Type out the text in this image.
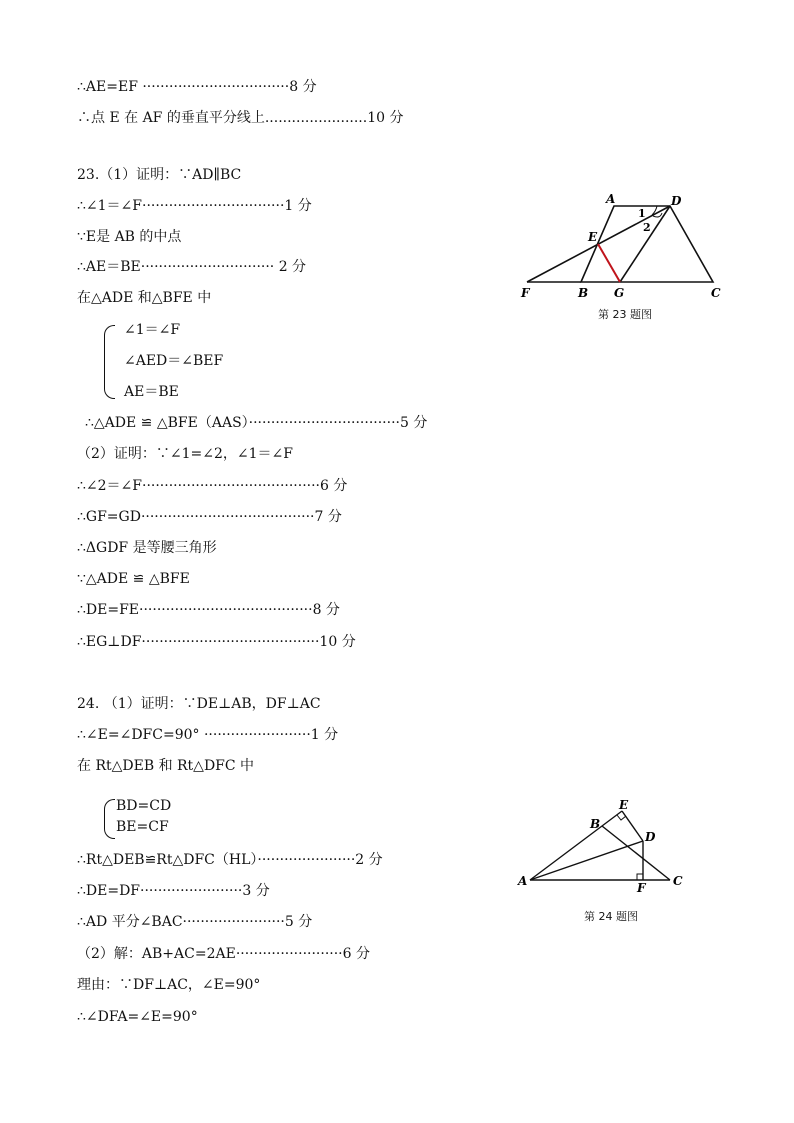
∴AE=EF ·································8 分
∴点 E 在 AF 的垂直平分线上.......................10 分
23.（1）证明：∵AD∥BC
∴∠1＝∠F································1 分
∵E是 AB 的中点
∴AE＝BE······························ 2 分
在△ADE 和△BFE 中
∠1＝∠F
∠AED＝∠BEF
AE＝BE
∴△ADE ≌ △BFE（AAS）··································5 分
（2）证明：∵∠1=∠2，∠1＝∠F
∴∠2＝∠F········································6 分
∴GF=GD·······································7 分
∴ΔGDF 是等腰三角形
∵△ADE ≌ △BFE
∴DE=FE·······································8 分
∴EG⊥DF········································10 分
24. （1）证明：∵DE⊥AB，DF⊥AC
∴∠E=∠DFC=90° ························1 分
在 Rt△DEB 和 Rt△DFC 中
BD=CD
BE=CF
∴Rt△DEB≌Rt△DFC（HL）······················2 分
∴DE=DF·······················3 分
∴AD 平分∠BAC·······················5 分
（2）解：AB+AC=2AE························6 分
理由：∵DF⊥AC，∠E=90°
∴∠DFA=∠E=90°
A	D
E
F	B G	C
1
2
第 23 题图
E
B
D
A	F C
第 24 题图
